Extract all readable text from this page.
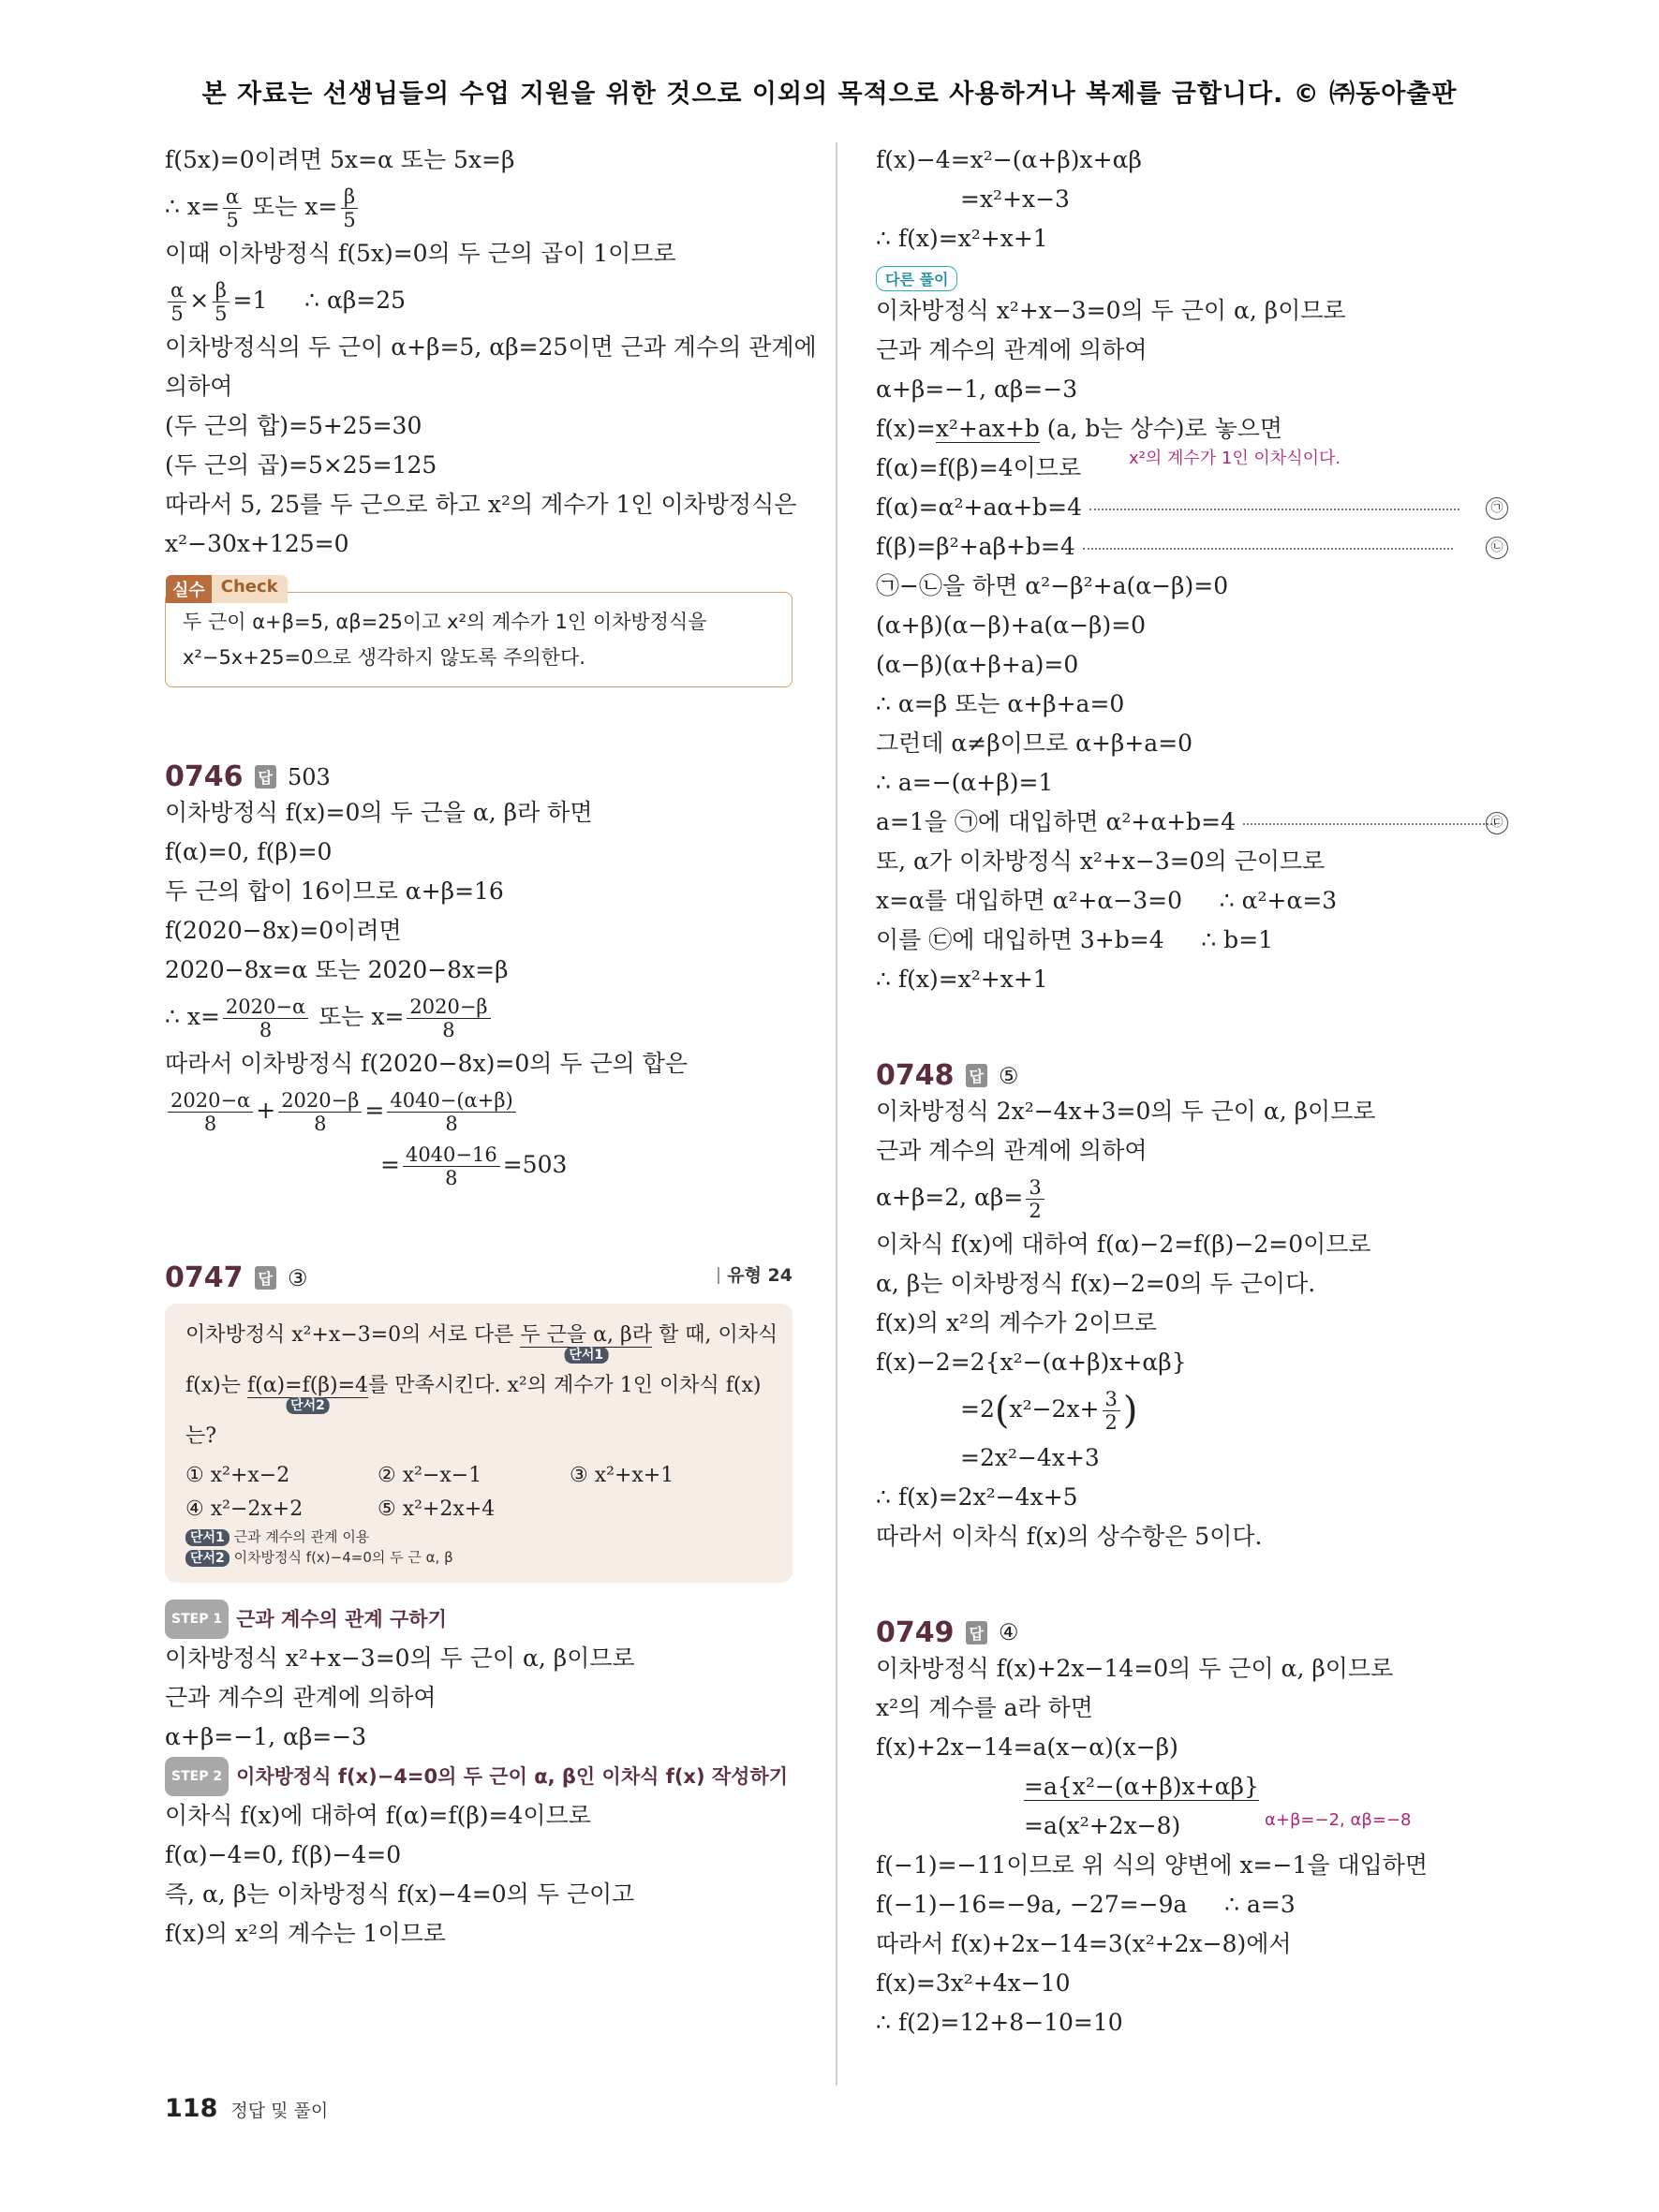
본 자료는 선생님들의 수업 지원을 위한 것으로 이외의 목적으로 사용하거나 복제를 금합니다. © ㈜동아출판
f(5x)=0이려면 5x=α 또는 5x=β
∴ $x= \frac{\alpha}{5}$ 또는 $x= \frac{\beta}{5}$
이때 이차방정식 f(5x)=0의 두 근의 곱이 1이므로
$\frac{\alpha}{5} \times \frac{\beta}{5} =1$     ∴ αβ=25
이차방정식의 두 근이 α+β=5, αβ=25이면 근과 계수의 관계에
의하여
(두 근의 합)=5+25=30
(두 근의 곱)=5×25=125
따라서 5, 25를 두 근으로 하고 x²의 계수가 1인 이차방정식은
x²−30x+125=0
실수 Check
두 근이 α+β=5, αβ=25이고 x²의 계수가 1인 이차방정식을
x²−5x+25=0으로 생각하지 않도록 주의한다.
0746 답 503
이차방정식 f(x)=0의 두 근을 α, β라 하면
f(α)=0, f(β)=0
두 근의 합이 16이므로 α+β=16
f(2020−8x)=0이려면
2020−8x=α 또는 2020−8x=β
∴ $x= \frac{2020-\alpha}{8}$ 또는 $x= \frac{2020-\beta}{8}$
따라서 이차방정식 f(2020−8x)=0의 두 근의 합은
$\frac{2020-\alpha}{8} + \frac{2020-\beta}{8} = \frac{4040-(\alpha+\beta)}{8}$
= $\frac{4040-16}{8} =503$
0747 답 ③	유형 24
이차방정식 x²+x−3=0의 서로 다른 두 근을 α, β라
단서1
할 때, 이차식
f(x)는 f(α)=f(β)=4
단서2
를 만족시킨다. x²의 계수가 1인 이차식 f(x)
는?
① x²+x−2	② x²−x−1	③ x²+x+1
④ x²−2x+2	⑤ x²+2x+4
단서1 근과 계수의 관계 이용
단서2 이차방정식 f(x)−4=0의 두 근 α, β
STEP 1 근과 계수의 관계 구하기
이차방정식 x²+x−3=0의 두 근이 α, β이므로
근과 계수의 관계에 의하여
α+β=−1, αβ=−3
STEP 2 이차방정식 f(x)−4=0의 두 근이 α, β인 이차식 f(x) 작성하기
이차식 f(x)에 대하여 f(α)=f(β)=4이므로
f(α)−4=0, f(β)−4=0
즉, α, β는 이차방정식 f(x)−4=0의 두 근이고
f(x)의 x²의 계수는 1이므로
f(x)−4=x²−(α+β)x+αβ
=x²+x−3
∴ f(x)=x²+x+1
다른 풀이
이차방정식 x²+x−3=0의 두 근이 α, β이므로
근과 계수의 관계에 의하여
α+β=−1, αβ=−3
f(x)=x²+ax+b (a, b는 상수)로 놓으면
f(α)=f(β)=4이므로	x²의 계수가 1인 이차식이다.
f(α)=α²+aα+b=4	㉠
f(β)=β²+aβ+b=4	㉡
㉠−㉡을 하면 α²−β²+a(α−β)=0
(α+β)(α−β)+a(α−β)=0
(α−β)(α+β+a)=0
∴ α=β 또는 α+β+a=0
그런데 α≠β이므로 α+β+a=0
∴ a=−(α+β)=1
a=1을 ㉠에 대입하면 α²+α+b=4	㉢
또, α가 이차방정식 x²+x−3=0의 근이므로
x=α를 대입하면 α²+α−3=0     ∴ α²+α=3
이를 ㉢에 대입하면 3+b=4     ∴ b=1
∴ f(x)=x²+x+1
0748 답 ⑤
이차방정식 2x²−4x+3=0의 두 근이 α, β이므로
근과 계수의 관계에 의하여
α+β=2, $\alpha\beta= \frac{3}{2}$
이차식 f(x)에 대하여 f(α)−2=f(β)−2=0이므로
α, β는 이차방정식 f(x)−2=0의 두 근이다.
f(x)의 x²의 계수가 2이므로
f(x)−2=2{x²−(α+β)x+αβ}
$=2(x^2-2x+ \frac{3}{2}$ )
=2x²−4x+3
∴ f(x)=2x²−4x+5
따라서 이차식 f(x)의 상수항은 5이다.
0749 답 ④
이차방정식 f(x)+2x−14=0의 두 근이 α, β이므로
x²의 계수를 a라 하면
f(x)+2x−14=a(x−α)(x−β)
=a{x²−(α+β)x+αβ}
=a(x²+2x−8)	α+β=−2, αβ=−8
f(−1)=−11이므로 위 식의 양변에 x=−1을 대입하면
f(−1)−16=−9a, −27=−9a     ∴ a=3
따라서 f(x)+2x−14=3(x²+2x−8)에서
f(x)=3x²+4x−10
∴ f(2)=12+8−10=10
118 정답 및 풀이
